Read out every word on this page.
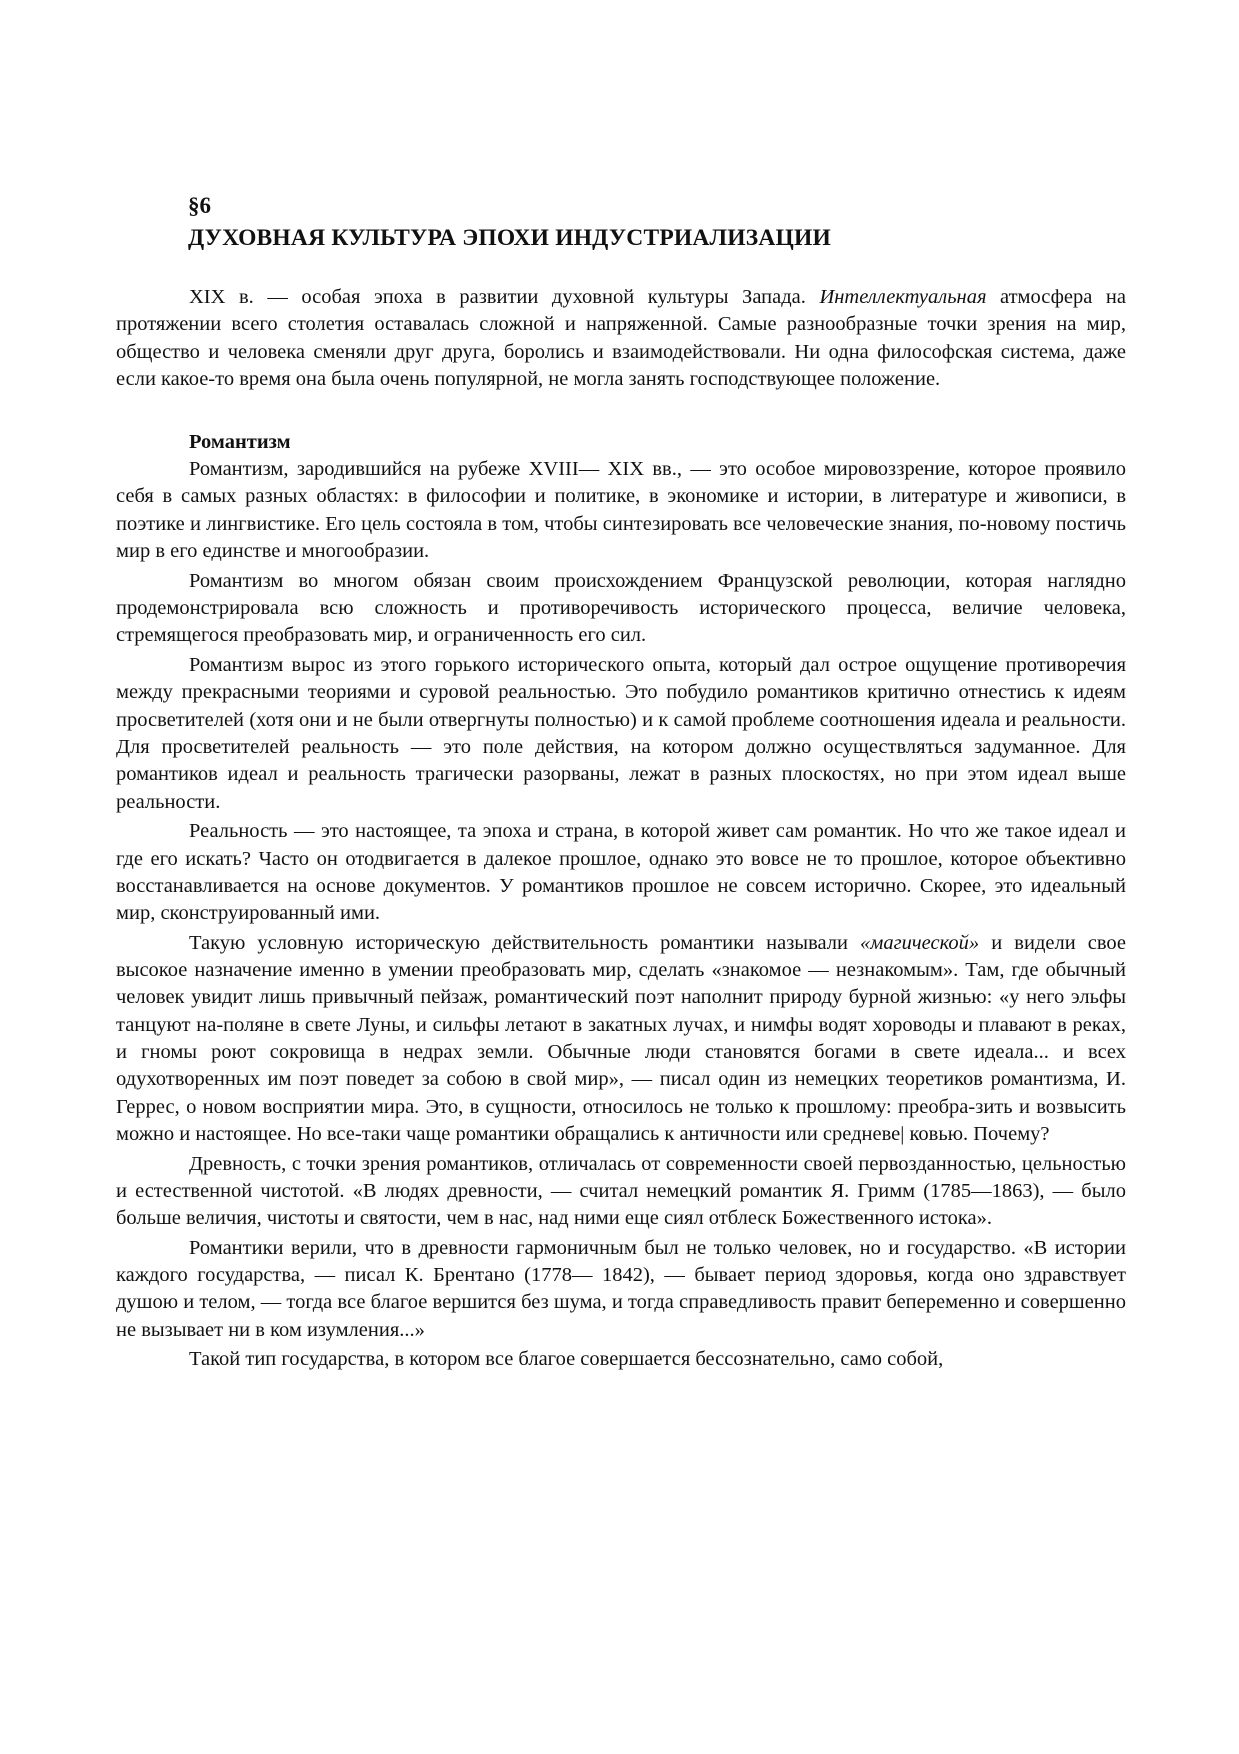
§6
ДУХОВНАЯ КУЛЬТУРА ЭПОХИ ИНДУСТРИАЛИЗАЦИИ

XIX в. — особая эпоха в развитии духовной культуры Запада. Интеллектуальная атмосфера на протяжении всего столетия оставалась сложной и напряженной. Самые разнообразные точки зрения на мир, общество и человека сменяли друг друга, боролись и взаимодействовали. Ни одна философская система, даже если какое-то время она была очень популярной, не могла занять господствующее положение.

Романтизм

Романтизм, зародившийся на рубеже XVIII— XIX вв., — это особое мировоззрение, которое проявило себя в самых разных областях: в философии и политике, в экономике и истории, в литературе и живописи, в поэтике и лингвистике. Его цель состояла в том, чтобы синтезировать все человеческие знания, по-новому постичь мир в его единстве и многообразии.

Романтизм во многом обязан своим происхождением Французской революции, которая наглядно продемонстрировала всю сложность и противоречивость исторического процесса, величие человека, стремящегося преобразовать мир, и ограниченность его сил.

Романтизм вырос из этого горького исторического опыта, который дал острое ощущение противоречия между прекрасными теориями и суровой реальностью. Это побудило романтиков критично отнестись к идеям просветителей (хотя они и не были отвергнуты полностью) и к самой проблеме соотношения идеала и реальности. Для просветителей реальность — это поле действия, на котором должно осуществляться задуманное. Для романтиков идеал и реальность трагически разорваны, лежат в разных плоскостях, но при этом идеал выше реальности.

Реальность — это настоящее, та эпоха и страна, в которой живет сам романтик. Но что же такое идеал и где его искать? Часто он отодвигается в далекое прошлое, однако это вовсе не то прошлое, которое объективно восстанавливается на основе документов. У романтиков прошлое не совсем исторично. Скорее, это идеальный мир, сконструированный ими.

Такую условную историческую действительность романтики называли «магической» и видели свое высокое назначение именно в умении преобразовать мир, сделать «знакомое — незнакомым». Там, где обычный человек увидит лишь привычный пейзаж, романтический поэт наполнит природу бурной жизнью: «у него эльфы танцуют на-поляне в свете Луны, и сильфы летают в закатных лучах, и нимфы водят хороводы и плавают в реках, и гномы роют сокровища в недрах земли. Обычные люди становятся богами в свете идеала... и всех одухотворенных им поэт поведет за собою в свой мир», — писал один из немецких теоретиков романтизма, И. Геррес, о новом восприятии мира. Это, в сущности, относилось не только к прошлому: преобра-зить и возвысить можно и настоящее. Но все-таки чаще романтики обращались к античности или средневе| ковью. Почему?

Древность, с точки зрения романтиков, отличалась от современности своей первозданностью, цельностью и естественной чистотой. «В людях древности, — считал немецкий романтик Я. Гримм (1785—1863), — было больше величия, чистоты и святости, чем в нас, над ними еще сиял отблеск Божественного истока».

Романтики верили, что в древности гармоничным был не только человек, но и государство. «В истории каждого государства, — писал К. Брентано (1778— 1842), — бывает период здоровья, когда оно здравствует душою и телом, — тогда все благое вершится без шума, и тогда справедливость правит бепеременно и совершенно не вызывает ни в ком изумления...»

Такой тип государства, в котором все благое совершается бессознательно, само собой,
